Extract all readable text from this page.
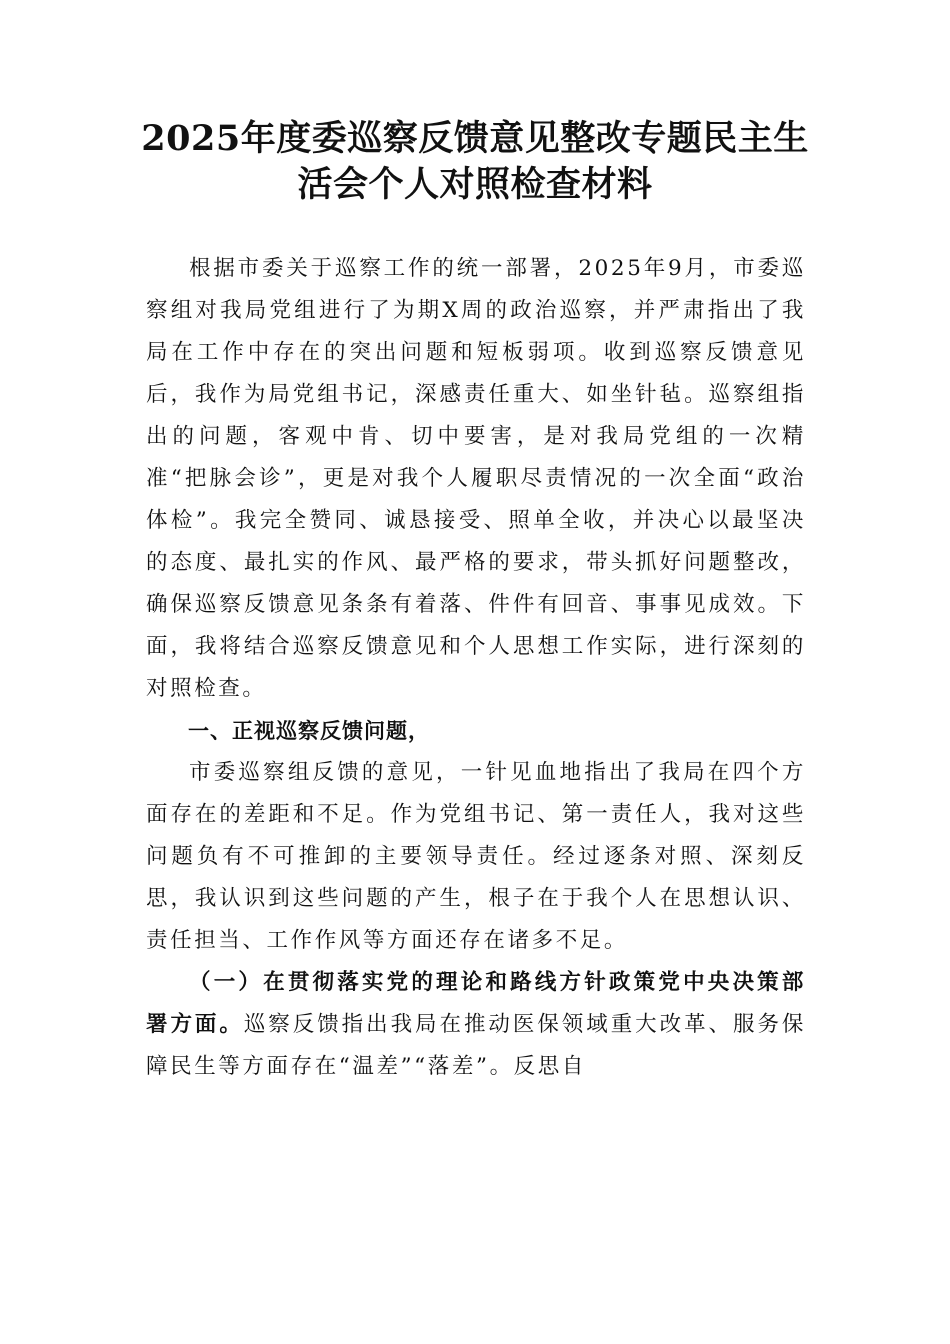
2025年度委巡察反馈意见整改专题民主生
活会个人对照检查材料

根据市委关于巡察工作的统一部署，2025年9月，市委巡察组对我局党组进行了为期X周的政治巡察，并严肃指出了我局在工作中存在的突出问题和短板弱项。收到巡察反馈意见后，我作为局党组书记，深感责任重大、如坐针毡。巡察组指出的问题，客观中肯、切中要害，是对我局党组的一次精准“把脉会诊”，更是对我个人履职尽责情况的一次全面“政治体检”。我完全赞同、诚恳接受、照单全收，并决心以最坚决的态度、最扎实的作风、最严格的要求，带头抓好问题整改，确保巡察反馈意见条条有着落、件件有回音、事事见成效。下面，我将结合巡察反馈意见和个人思想工作实际，进行深刻的对照检查。

一、正视巡察反馈问题，

市委巡察组反馈的意见，一针见血地指出了我局在四个方面存在的差距和不足。作为党组书记、第一责任人，我对这些问题负有不可推卸的主要领导责任。经过逐条对照、深刻反思，我认识到这些问题的产生，根子在于我个人在思想认识、责任担当、工作作风等方面还存在诸多不足。

（一）在贯彻落实党的理论和路线方针政策党中央决策部署方面。巡察反馈指出我局在推动医保领域重大改革、服务保障民生等方面存在“温差”“落差”。反思自
